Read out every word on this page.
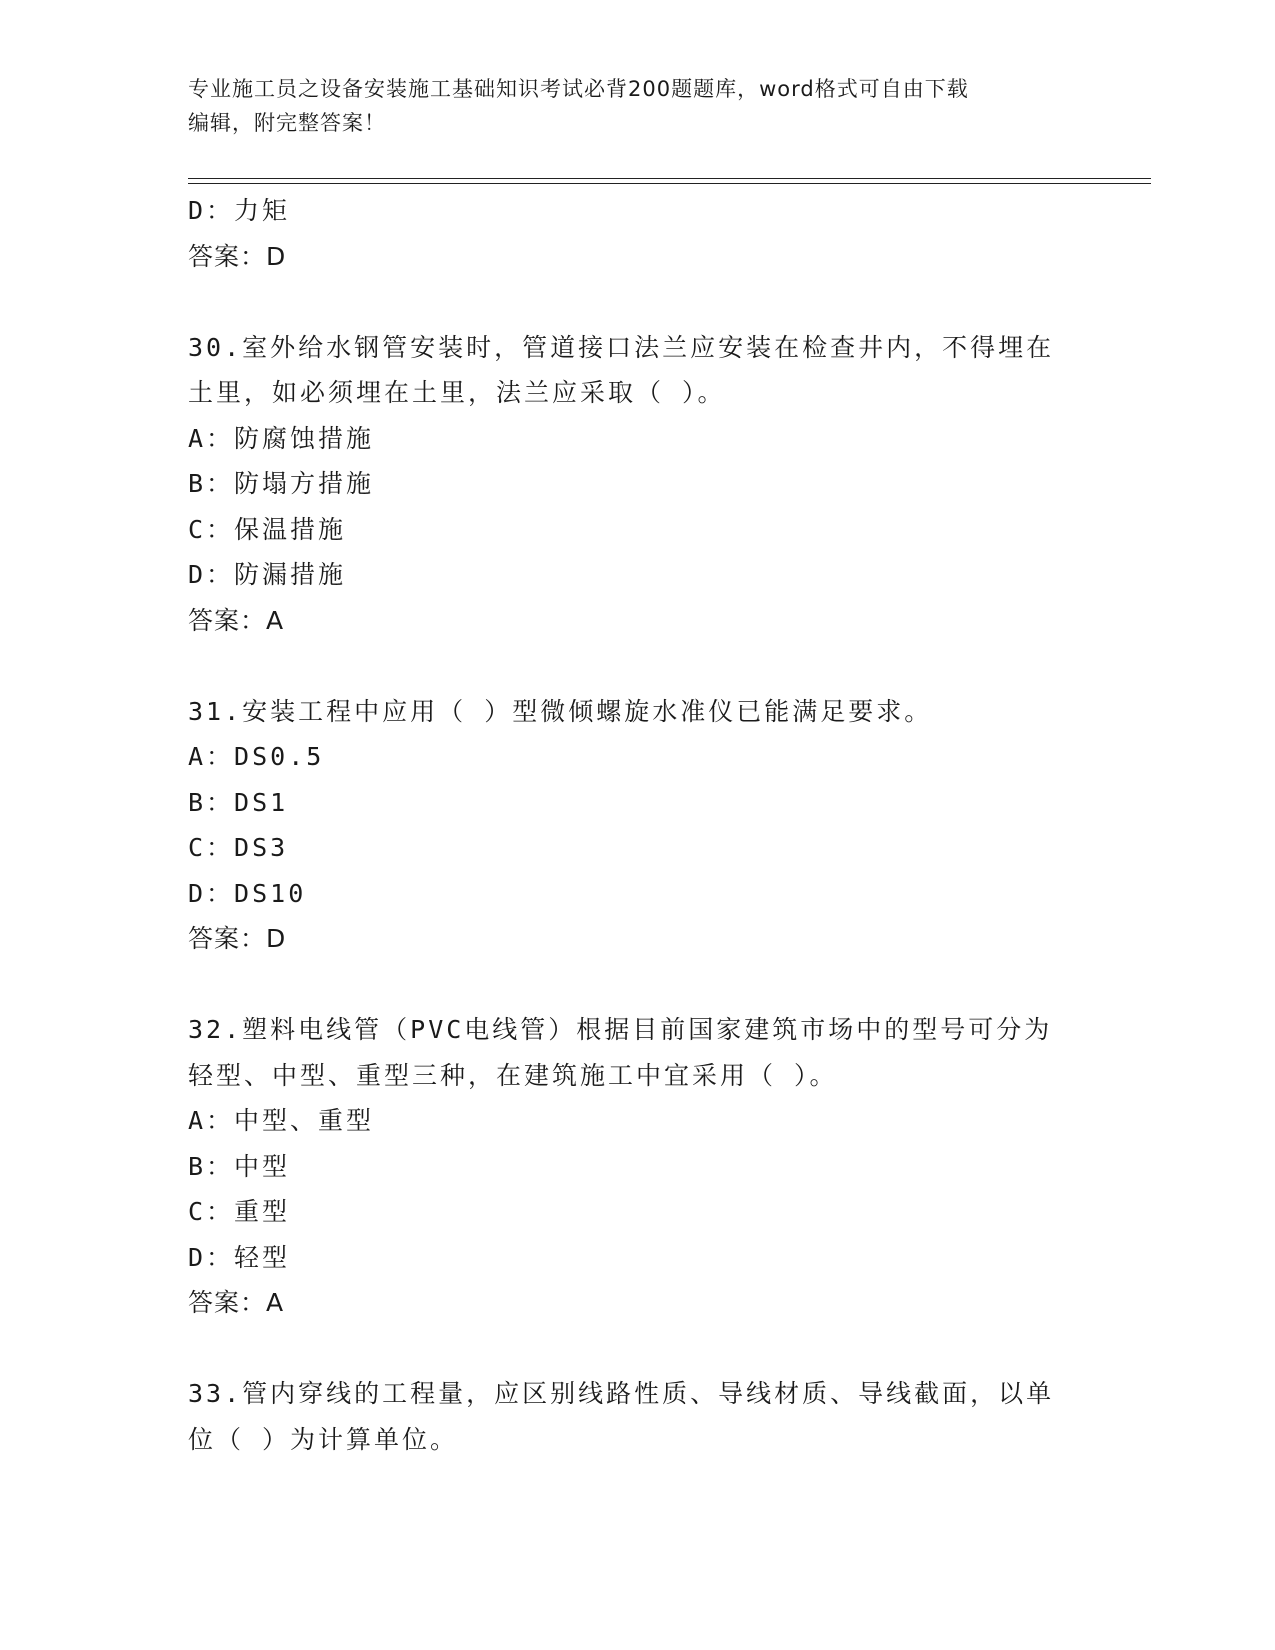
专业施工员之设备安装施工基础知识考试必背200题题库，word格式可自由下载
编辑，附完整答案！
D：力矩
答案：D
30.室外给水钢管安装时，管道接口法兰应安装在检查井内，不得埋在
土里，如必须埋在土里，法兰应采取（ ）。
A：防腐蚀措施
B：防塌方措施
C：保温措施
D：防漏措施
答案：A
31.安装工程中应用（ ）型微倾螺旋水准仪已能满足要求。
A：DS0.5
B：DS1
C：DS3
D：DS10
答案：D
32.塑料电线管（PVC电线管）根据目前国家建筑市场中的型号可分为
轻型、中型、重型三种，在建筑施工中宜采用（ ）。
A：中型、重型
B：中型
C：重型
D：轻型
答案：A
33.管内穿线的工程量，应区别线路性质、导线材质、导线截面，以单
位（ ）为计算单位。
